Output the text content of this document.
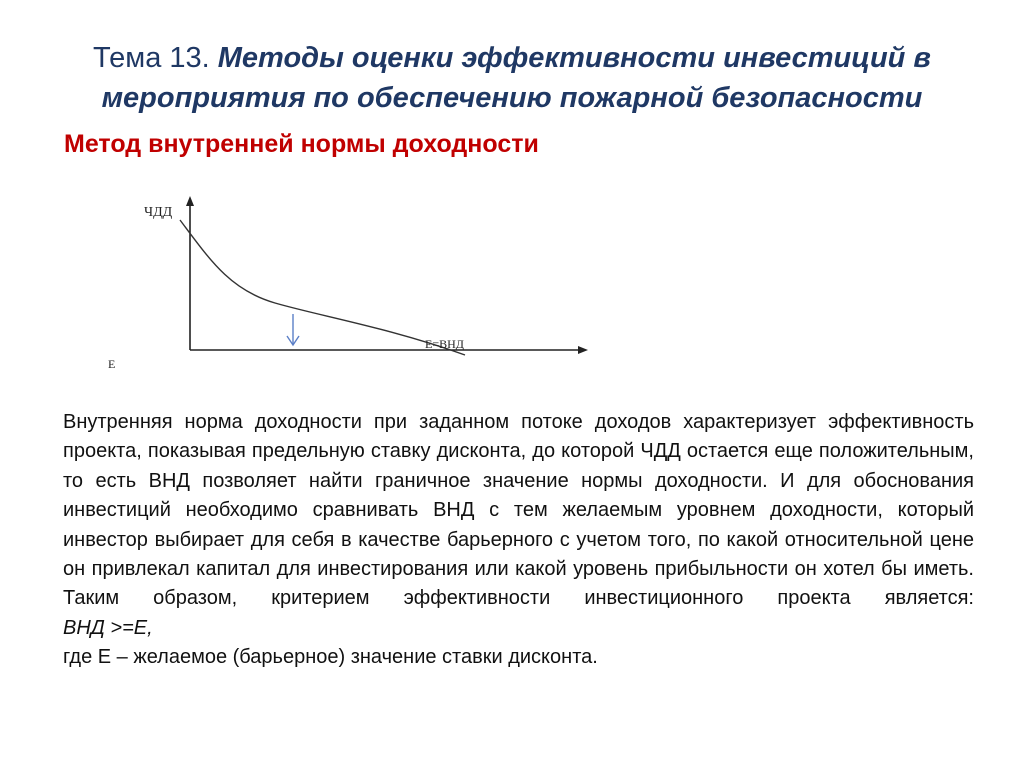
Тема 13. Методы оценки эффективности инвестиций в мероприятия по обеспечению пожарной безопасности
Метод внутренней нормы доходности
ЧДД
Е
Е=ВНД
Внутренняя норма доходности при заданном потоке доходов характеризует эффективность проекта, показывая предельную ставку дисконта, до которой ЧДД остается еще положительным, то есть ВНД позволяет найти граничное значение нормы доходности. И для обоснования инвестиций необходимо сравнивать ВНД с тем желаемым уровнем доходности, который инвестор выбирает для себя в качестве барьерного с учетом того, по какой относительной цене он привлекал капитал для инвестирования или какой уровень прибыльности он хотел бы иметь.
Таким образом, критерием эффективности инвестиционного проекта является:
ВНД >=Е,
где Е – желаемое (барьерное) значение ставки дисконта.
